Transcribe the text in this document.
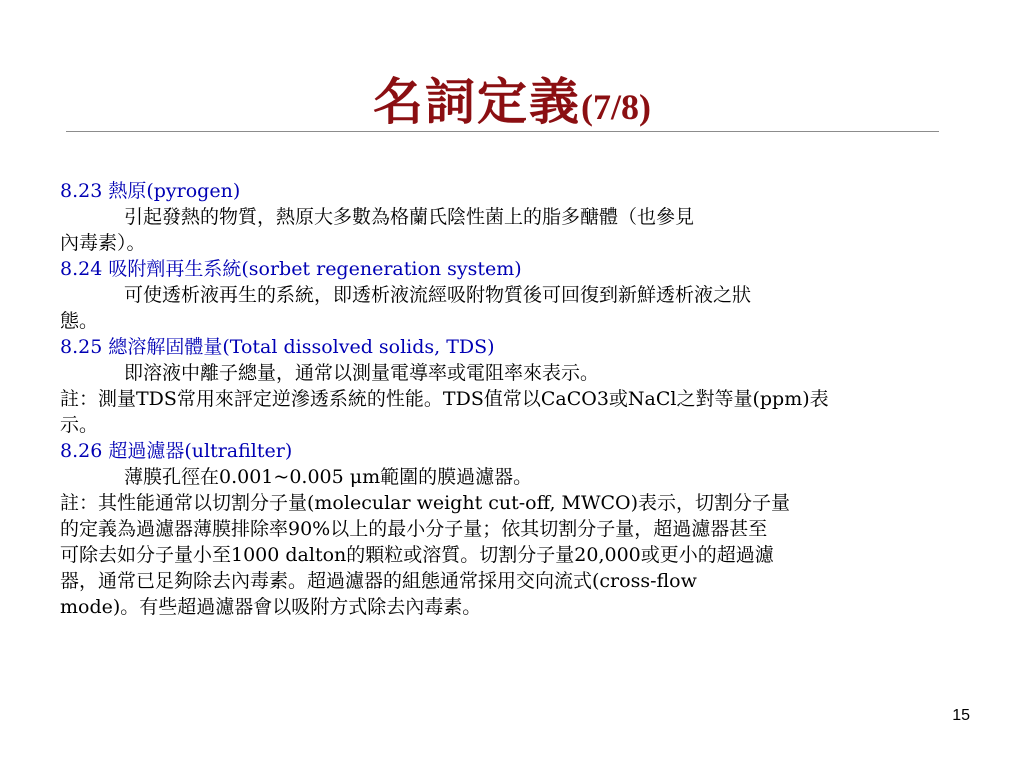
名詞定義(7/8)
8.23 熱原(pyrogen)
引起發熱的物質，熱原大多數為格蘭氏陰性菌上的脂多醣體（也參見
內毒素）。
8.24 吸附劑再生系統(sorbet regeneration system)
可使透析液再生的系統，即透析液流經吸附物質後可回復到新鮮透析液之狀
態。
8.25 總溶解固體量(Total dissolved solids, TDS)
即溶液中離子總量，通常以測量電導率或電阻率來表示。
註：測量TDS常用來評定逆滲透系統的性能。TDS值常以CaCO3或NaCl之對等量(ppm)表
示。
8.26 超過濾器(ultrafilter)
薄膜孔徑在0.001~0.005 μm範圍的膜過濾器。
註：其性能通常以切割分子量(molecular weight cut-off, MWCO)表示，切割分子量
的定義為過濾器薄膜排除率90%以上的最小分子量；依其切割分子量，超過濾器甚至
可除去如分子量小至1000 dalton的顆粒或溶質。切割分子量20,000或更小的超過濾
器，通常已足夠除去內毒素。超過濾器的組態通常採用交向流式(cross-flow
mode)。有些超過濾器會以吸附方式除去內毒素。
15
